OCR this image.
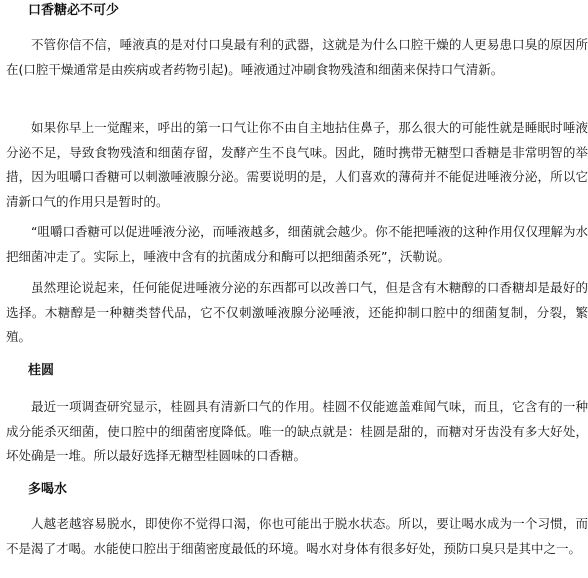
口香糖必不可少

不管你信不信，唾液真的是对付口臭最有利的武器，这就是为什么口腔干燥的人更易患口臭的原因所在(口腔干燥通常是由疾病或者药物引起)。唾液通过冲刷食物残渣和细菌来保持口气清新。

如果你早上一觉醒来，呼出的第一口气让你不由自主地拈住鼻子，那么很大的可能性就是睡眠时唾液分泌不足，导致食物残渣和细菌存留，发酵产生不良气味。因此，随时携带无糖型口香糖是非常明智的举措，因为咀嚼口香糖可以刺激唾液腺分泌。需要说明的是，人们喜欢的薄荷并不能促进唾液分泌，所以它清新口气的作用只是暂时的。

“咀嚼口香糖可以促进唾液分泌，而唾液越多，细菌就会越少。你不能把唾液的这种作用仅仅理解为水把细菌冲走了。实际上，唾液中含有的抗菌成分和酶可以把细菌杀死”，沃勒说。

虽然理论说起来，任何能促进唾液分泌的东西都可以改善口气，但是含有木糖醇的口香糖却是最好的选择。木糖醇是一种糖类替代品，它不仅刺激唾液腺分泌唾液，还能抑制口腔中的细菌复制，分裂，繁殖。

桂圆

最近一项调查研究显示，桂圆具有清新口气的作用。桂圆不仅能遮盖难闻气味，而且，它含有的一种成分能杀灭细菌，使口腔中的细菌密度降低。唯一的缺点就是：桂圆是甜的，而糖对牙齿没有多大好处，坏处确是一堆。所以最好选择无糖型桂圆味的口香糖。

多喝水

人越老越容易脱水，即使你不觉得口渴，你也可能出于脱水状态。所以，要让喝水成为一个习惯，而不是渴了才喝。水能使口腔出于细菌密度最低的环境。喝水对身体有很多好处，预防口臭只是其中之一。
